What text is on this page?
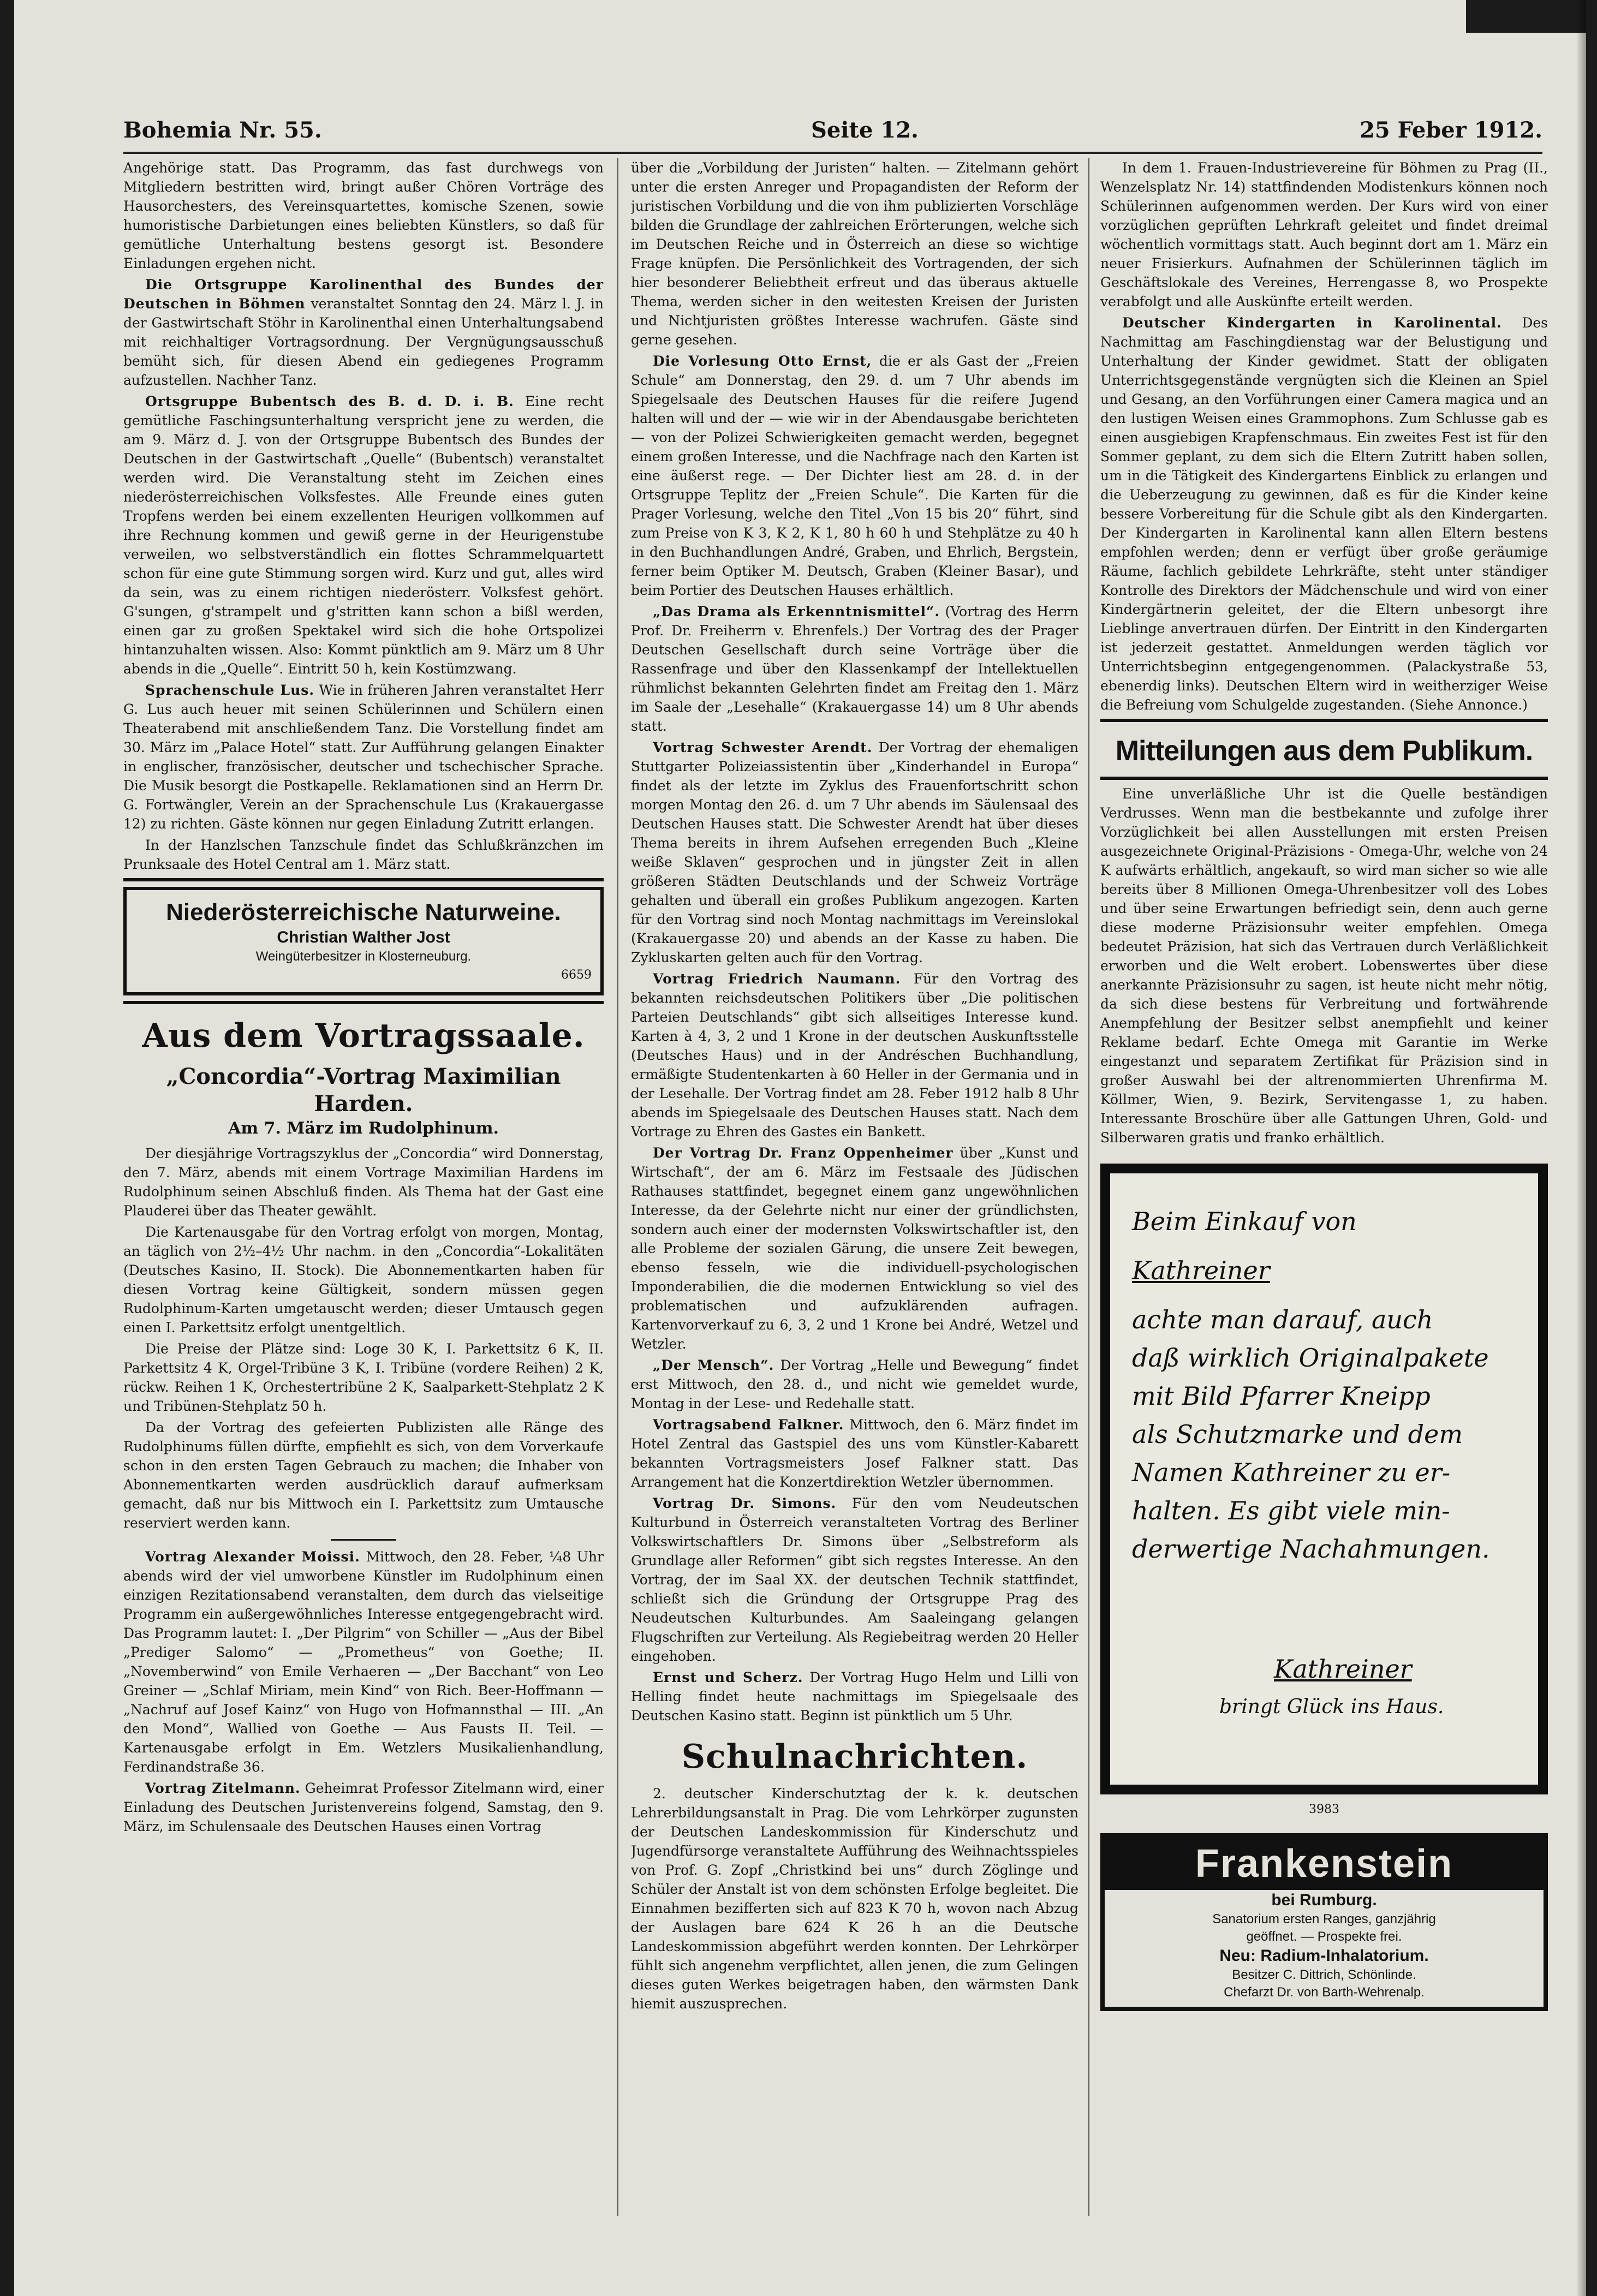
Bohemia Nr. 55.	Seite 12.	25 Feber 1912.

Angehörige statt. Das Programm, das fast durchwegs von Mitgliedern bestritten wird, bringt außer Chören Vorträge des Hausorchesters, des Vereinsquartettes, komische Szenen, sowie humoristische Darbietungen eines beliebten Künstlers, so daß für gemütliche Unterhaltung bestens gesorgt ist. Besondere Einladungen ergehen nicht.

Die Ortsgruppe Karolinenthal des Bundes der Deutschen in Böhmen veranstaltet Sonntag den 24. März l. J. in der Gastwirtschaft Stöhr in Karolinenthal einen Unterhaltungsabend mit reichhaltiger Vortragsordnung. Der Vergnügungsausschuß bemüht sich, für diesen Abend ein gediegenes Programm aufzustellen. Nachher Tanz.

Ortsgruppe Bubentsch des B. d. D. i. B. Eine recht gemütliche Faschingsunterhaltung verspricht jene zu werden, die am 9. März d. J. von der Ortsgruppe Bubentsch des Bundes der Deutschen in der Gastwirtschaft „Quelle“ (Bubentsch) veranstaltet werden wird. Die Veranstaltung steht im Zeichen eines niederösterreichischen Volksfestes. Alle Freunde eines guten Tropfens werden bei einem exzellenten Heurigen vollkommen auf ihre Rechnung kommen und gewiß gerne in der Heurigenstube verweilen, wo selbstverständlich ein flottes Schrammelquartett schon für eine gute Stimmung sorgen wird. Kurz und gut, alles wird da sein, was zu einem richtigen niederösterr. Volksfest gehört. G'sungen, g'strampelt und g'stritten kann schon a bißl werden, einen gar zu großen Spektakel wird sich die hohe Ortspolizei hintanzuhalten wissen. Also: Kommt pünktlich am 9. März um 8 Uhr abends in die „Quelle“. Eintritt 50 h, kein Kostümzwang.

Sprachenschule Lus. Wie in früheren Jahren veranstaltet Herr G. Lus auch heuer mit seinen Schülerinnen und Schülern einen Theaterabend mit anschließendem Tanz. Die Vorstellung findet am 30. März im „Palace Hotel“ statt. Zur Aufführung gelangen Einakter in englischer, französischer, deutscher und tschechischer Sprache. Die Musik besorgt die Postkapelle. Reklamationen sind an Herrn Dr. G. Fortwängler, Verein an der Sprachenschule Lus (Krakauergasse 12) zu richten. Gäste können nur gegen Einladung Zutritt erlangen.

In der Hanzlschen Tanzschule findet das Schlußkränzchen im Prunksaale des Hotel Central am 1. März statt.

Niederösterreichische Naturweine.
Christian Walther Jost
Weingüterbesitzer in Klosterneuburg.
6659
Aus dem Vortragssaale.
„Concordia“-Vortrag Maximilian Harden.
Am 7. März im Rudolphinum.

Der diesjährige Vortragszyklus der „Concordia“ wird Donnerstag, den 7. März, abends mit einem Vortrage Maximilian Hardens im Rudolphinum seinen Abschluß finden. Als Thema hat der Gast eine Plauderei über das Theater gewählt.

Die Kartenausgabe für den Vortrag erfolgt von morgen, Montag, an täglich von 2½–4½ Uhr nachm. in den „Concordia“-Lokalitäten (Deutsches Kasino, II. Stock). Die Abonnementkarten haben für diesen Vortrag keine Gültigkeit, sondern müssen gegen Rudolphinum-Karten umgetauscht werden; dieser Umtausch gegen einen I. Parkettsitz erfolgt unentgeltlich.

Die Preise der Plätze sind: Loge 30 K, I. Parkettsitz 6 K, II. Parkettsitz 4 K, Orgel-Tribüne 3 K, I. Tribüne (vordere Reihen) 2 K, rückw. Reihen 1 K, Orchestertribüne 2 K, Saalparkett-Stehplatz 2 K und Tribünen-Stehplatz 50 h.

Da der Vortrag des gefeierten Publizisten alle Ränge des Rudolphinums füllen dürfte, empfiehlt es sich, von dem Vorverkaufe schon in den ersten Tagen Gebrauch zu machen; die Inhaber von Abonnementkarten werden ausdrücklich darauf aufmerksam gemacht, daß nur bis Mittwoch ein I. Parkettsitz zum Umtausche reserviert werden kann.

Vortrag Alexander Moissi. Mittwoch, den 28. Feber, ¼8 Uhr abends wird der viel umworbene Künstler im Rudolphinum einen einzigen Rezitationsabend veranstalten, dem durch das vielseitige Programm ein außergewöhnliches Interesse entgegengebracht wird. Das Programm lautet: I. „Der Pilgrim“ von Schiller — „Aus der Bibel „Prediger Salomo“ — „Prometheus“ von Goethe; II. „Novemberwind“ von Emile Verhaeren — „Der Bacchant“ von Leo Greiner — „Schlaf Miriam, mein Kind“ von Rich. Beer-Hoffmann — „Nachruf auf Josef Kainz“ von Hugo von Hofmannsthal — III. „An den Mond“, Wallied von Goethe — Aus Fausts II. Teil. — Kartenausgabe erfolgt in Em. Wetzlers Musikalienhandlung, Ferdinandstraße 36.

Vortrag Zitelmann. Geheimrat Professor Zitelmann wird, einer Einladung des Deutschen Juristenvereins folgend, Samstag, den 9. März, im Schulensaale des Deutschen Hauses einen Vortrag

über die „Vorbildung der Juristen“ halten. — Zitelmann gehört unter die ersten Anreger und Propagandisten der Reform der juristischen Vorbildung und die von ihm publizierten Vorschläge bilden die Grundlage der zahlreichen Erörterungen, welche sich im Deutschen Reiche und in Österreich an diese so wichtige Frage knüpfen. Die Persönlichkeit des Vortragenden, der sich hier besonderer Beliebtheit erfreut und das überaus aktuelle Thema, werden sicher in den weitesten Kreisen der Juristen und Nichtjuristen größtes Interesse wachrufen. Gäste sind gerne gesehen.

Die Vorlesung Otto Ernst, die er als Gast der „Freien Schule“ am Donnerstag, den 29. d. um 7 Uhr abends im Spiegelsaale des Deutschen Hauses für die reifere Jugend halten will und der — wie wir in der Abendausgabe berichteten — von der Polizei Schwierigkeiten gemacht werden, begegnet einem großen Interesse, und die Nachfrage nach den Karten ist eine äußerst rege. — Der Dichter liest am 28. d. in der Ortsgruppe Teplitz der „Freien Schule“. Die Karten für die Prager Vorlesung, welche den Titel „Von 15 bis 20“ führt, sind zum Preise von K 3, K 2, K 1, 80 h 60 h und Stehplätze zu 40 h in den Buchhandlungen André, Graben, und Ehrlich, Bergstein, ferner beim Optiker M. Deutsch, Graben (Kleiner Basar), und beim Portier des Deutschen Hauses erhältlich.

„Das Drama als Erkenntnismittel“. (Vortrag des Herrn Prof. Dr. Freiherrn v. Ehrenfels.) Der Vortrag des der Prager Deutschen Gesellschaft durch seine Vorträge über die Rassenfrage und über den Klassenkampf der Intellektuellen rühmlichst bekannten Gelehrten findet am Freitag den 1. März im Saale der „Lesehalle“ (Krakauergasse 14) um 8 Uhr abends statt.

Vortrag Schwester Arendt. Der Vortrag der ehemaligen Stuttgarter Polizeiassistentin über „Kinderhandel in Europa“ findet als der letzte im Zyklus des Frauenfortschritt schon morgen Montag den 26. d. um 7 Uhr abends im Säulensaal des Deutschen Hauses statt. Die Schwester Arendt hat über dieses Thema bereits in ihrem Aufsehen erregenden Buch „Kleine weiße Sklaven“ gesprochen und in jüngster Zeit in allen größeren Städten Deutschlands und der Schweiz Vorträge gehalten und überall ein großes Publikum angezogen. Karten für den Vortrag sind noch Montag nachmittags im Vereinslokal (Krakauergasse 20) und abends an der Kasse zu haben. Die Zykluskarten gelten auch für den Vortrag.

Vortrag Friedrich Naumann. Für den Vortrag des bekannten reichsdeutschen Politikers über „Die politischen Parteien Deutschlands“ gibt sich allseitiges Interesse kund. Karten à 4, 3, 2 und 1 Krone in der deutschen Auskunftsstelle (Deutsches Haus) und in der Andréschen Buchhandlung, ermäßigte Studentenkarten à 60 Heller in der Germania und in der Lesehalle. Der Vortrag findet am 28. Feber 1912 halb 8 Uhr abends im Spiegelsaale des Deutschen Hauses statt. Nach dem Vortrage zu Ehren des Gastes ein Bankett.

Der Vortrag Dr. Franz Oppenheimer über „Kunst und Wirtschaft“, der am 6. März im Festsaale des Jüdischen Rathauses stattfindet, begegnet einem ganz ungewöhnlichen Interesse, da der Gelehrte nicht nur einer der gründlichsten, sondern auch einer der modernsten Volkswirtschaftler ist, den alle Probleme der sozialen Gärung, die unsere Zeit bewegen, ebenso fesseln, wie die individuell-psychologischen Imponderabilien, die die modernen Entwicklung so viel des problematischen und aufzuklärenden aufragen. Kartenvorverkauf zu 6, 3, 2 und 1 Krone bei André, Wetzel und Wetzler.

„Der Mensch“. Der Vortrag „Helle und Bewegung“ findet erst Mittwoch, den 28. d., und nicht wie gemeldet wurde, Montag in der Lese- und Redehalle statt.

Vortragsabend Falkner. Mittwoch, den 6. März findet im Hotel Zentral das Gastspiel des uns vom Künstler-Kabarett bekannten Vortragsmeisters Josef Falkner statt. Das Arrangement hat die Konzertdirektion Wetzler übernommen.

Vortrag Dr. Simons. Für den vom Neudeutschen Kulturbund in Österreich veranstalteten Vortrag des Berliner Volkswirtschaftlers Dr. Simons über „Selbstreform als Grundlage aller Reformen“ gibt sich regstes Interesse. An den Vortrag, der im Saal XX. der deutschen Technik stattfindet, schließt sich die Gründung der Ortsgruppe Prag des Neudeutschen Kulturbundes. Am Saaleingang gelangen Flugschriften zur Verteilung. Als Regiebeitrag werden 20 Heller eingehoben.

Ernst und Scherz. Der Vortrag Hugo Helm und Lilli von Helling findet heute nachmittags im Spiegelsaale des Deutschen Kasino statt. Beginn ist pünktlich um 5 Uhr.

Schulnachrichten.

2. deutscher Kinderschutztag der k. k. deutschen Lehrerbildungsanstalt in Prag. Die vom Lehrkörper zugunsten der Deutschen Landeskommission für Kinderschutz und Jugendfürsorge veranstaltete Aufführung des Weihnachtsspieles von Prof. G. Zopf „Christkind bei uns“ durch Zöglinge und Schüler der Anstalt ist von dem schönsten Erfolge begleitet. Die Einnahmen bezifferten sich auf 823 K 70 h, wovon nach Abzug der Auslagen bare 624 K 26 h an die Deutsche Landeskommission abgeführt werden konnten. Der Lehrkörper fühlt sich angenehm verpflichtet, allen jenen, die zum Gelingen dieses guten Werkes beigetragen haben, den wärmsten Dank hiemit auszusprechen.

In dem 1. Frauen-Industrievereine für Böhmen zu Prag (II., Wenzelsplatz Nr. 14) stattfindenden Modistenkurs können noch Schülerinnen aufgenommen werden. Der Kurs wird von einer vorzüglichen geprüften Lehrkraft geleitet und findet dreimal wöchentlich vormittags statt. Auch beginnt dort am 1. März ein neuer Frisierkurs. Aufnahmen der Schülerinnen täglich im Geschäftslokale des Vereines, Herrengasse 8, wo Prospekte verabfolgt und alle Auskünfte erteilt werden.

Deutscher Kindergarten in Karolinental. Des Nachmittag am Faschingdienstag war der Belustigung und Unterhaltung der Kinder gewidmet. Statt der obligaten Unterrichtsgegenstände vergnügten sich die Kleinen an Spiel und Gesang, an den Vorführungen einer Camera magica und an den lustigen Weisen eines Grammophons. Zum Schlusse gab es einen ausgiebigen Krapfenschmaus. Ein zweites Fest ist für den Sommer geplant, zu dem sich die Eltern Zutritt haben sollen, um in die Tätigkeit des Kindergartens Einblick zu erlangen und die Ueberzeugung zu gewinnen, daß es für die Kinder keine bessere Vorbereitung für die Schule gibt als den Kindergarten. Der Kindergarten in Karolinental kann allen Eltern bestens empfohlen werden; denn er verfügt über große geräumige Räume, fachlich gebildete Lehrkräfte, steht unter ständiger Kontrolle des Direktors der Mädchenschule und wird von einer Kindergärtnerin geleitet, der die Eltern unbesorgt ihre Lieblinge anvertrauen dürfen. Der Eintritt in den Kindergarten ist jederzeit gestattet. Anmeldungen werden täglich vor Unterrichtsbeginn entgegengenommen. (Palackystraße 53, ebenerdig links). Deutschen Eltern wird in weitherziger Weise die Befreiung vom Schulgelde zugestanden. (Siehe Annonce.)

Mitteilungen aus dem Publikum.

Eine unverläßliche Uhr ist die Quelle beständigen Verdrusses. Wenn man die bestbekannte und zufolge ihrer Vorzüglichkeit bei allen Ausstellungen mit ersten Preisen ausgezeichnete Original-Präzisions - Omega-Uhr, welche von 24 K aufwärts erhältlich, angekauft, so wird man sicher so wie alle bereits über 8 Millionen Omega-Uhrenbesitzer voll des Lobes und über seine Erwartungen befriedigt sein, denn auch gerne diese moderne Präzisionsuhr weiter empfehlen. Omega bedeutet Präzision, hat sich das Vertrauen durch Verläßlichkeit erworben und die Welt erobert. Lobenswertes über diese anerkannte Präzisionsuhr zu sagen, ist heute nicht mehr nötig, da sich diese bestens für Verbreitung und fortwährende Anempfehlung der Besitzer selbst anempfiehlt und keiner Reklame bedarf. Echte Omega mit Garantie im Werke eingestanzt und separatem Zertifikat für Präzision sind in großer Auswahl bei der altrenommierten Uhrenfirma M. Köllmer, Wien, 9. Bezirk, Servitengasse 1, zu haben. Interessante Broschüre über alle Gattungen Uhren, Gold- und Silberwaren gratis und franko erhältlich.

Beim Einkauf von
Kathreiner
achte man darauf, auch
daß wirklich Originalpakete
mit Bild Pfarrer Kneipp
als Schutzmarke und dem
Namen Kathreiner zu er-
halten. Es gibt viele min-
derwertige Nachahmungen.
Kathreiner
bringt Glück ins Haus.
3983
Frankenstein
bei Rumburg.
Sanatorium ersten Ranges, ganzjährig
geöffnet. — Prospekte frei.
Neu: Radium-Inhalatorium.
Besitzer C. Dittrich, Schönlinde.
Chefarzt Dr. von Barth-Wehrenalp.
